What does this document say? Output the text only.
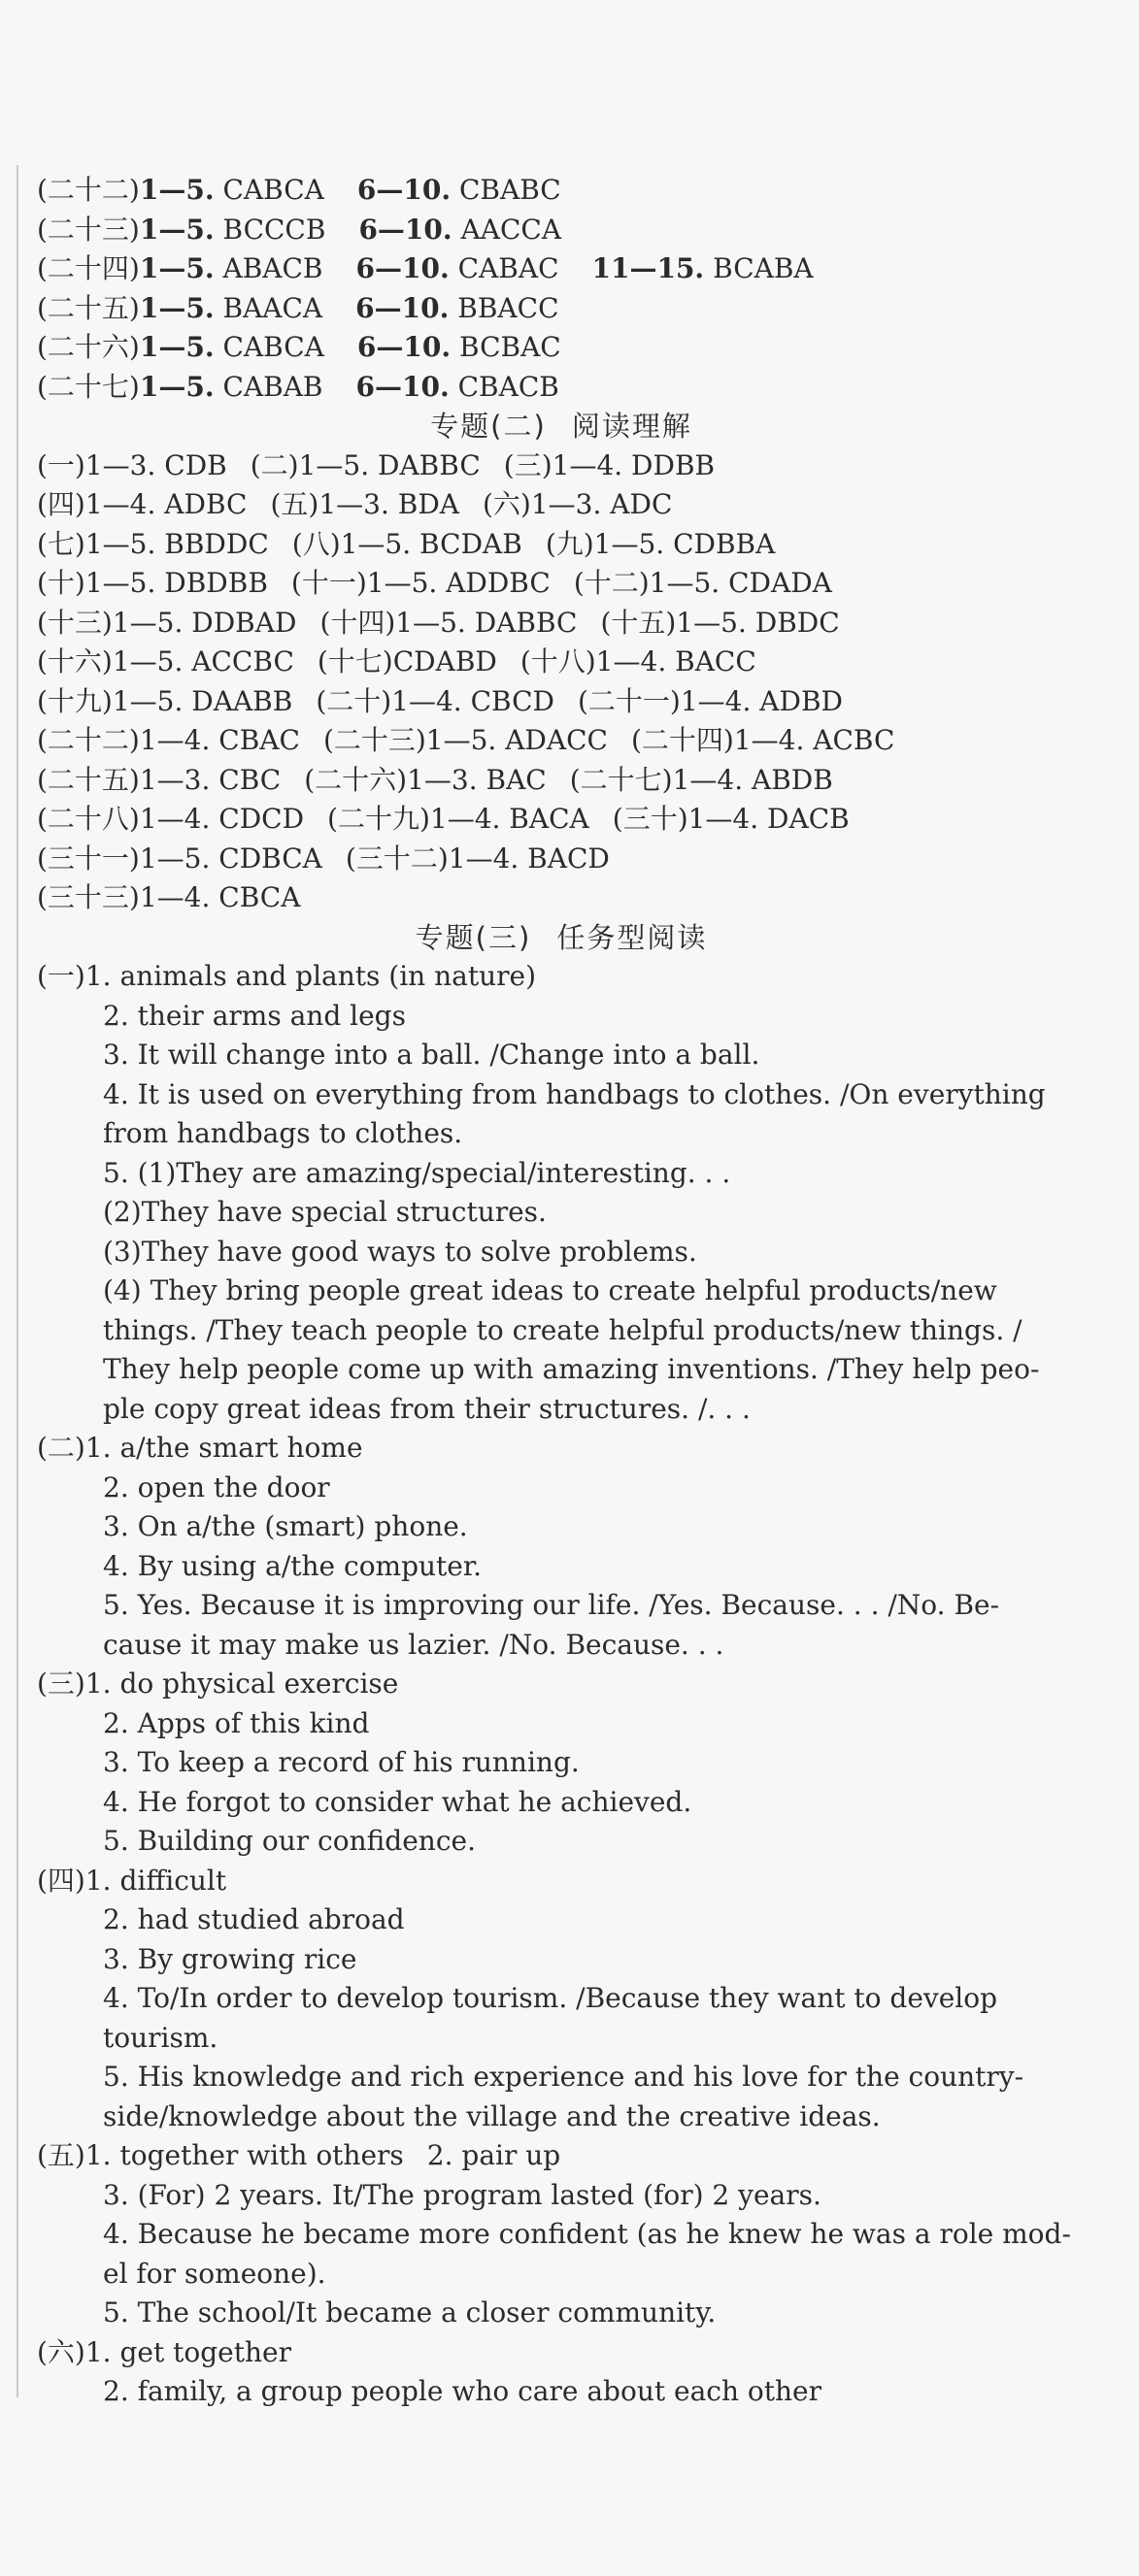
(二十二)1—5. CABCA 6—10. CBABC
(二十三)1—5. BCCCB 6—10. AACCA
(二十四)1—5. ABACB 6—10. CABAC 11—15. BCABA
(二十五)1—5. BAACA 6—10. BBACC
(二十六)1—5. CABCA 6—10. BCBAC
(二十七)1—5. CABAB 6—10. CBACB
专题(二) 阅读理解
(一)1—3. CDB (二)1—5. DABBC (三)1—4. DDBB
(四)1—4. ADBC (五)1—3. BDA (六)1—3. ADC
(七)1—5. BBDDC (八)1—5. BCDAB (九)1—5. CDBBA
(十)1—5. DBDBB (十一)1—5. ADDBC (十二)1—5. CDADA
(十三)1—5. DDBAD (十四)1—5. DABBC (十五)1—5. DBDC
(十六)1—5. ACCBC (十七)CDABD (十八)1—4. BACC
(十九)1—5. DAABB (二十)1—4. CBCD (二十一)1—4. ADBD
(二十二)1—4. CBAC (二十三)1—5. ADACC (二十四)1—4. ACBC
(二十五)1—3. CBC (二十六)1—3. BAC (二十七)1—4. ABDB
(二十八)1—4. CDCD (二十九)1—4. BACA (三十)1—4. DACB
(三十一)1—5. CDBCA (三十二)1—4. BACD
(三十三)1—4. CBCA
专题(三) 任务型阅读
(一)1. animals and plants (in nature)
2. their arms and legs
3. It will change into a ball. /Change into a ball.
4. It is used on everything from handbags to clothes. /On everything
from handbags to clothes.
5. (1)They are amazing/special/interesting. . .
(2)They have special structures.
(3)They have good ways to solve problems.
(4) They bring people great ideas to create helpful products/new
things. /They teach people to create helpful products/new things. /
They help people come up with amazing inventions. /They help peo-
ple copy great ideas from their structures. /. . .
(二)1. a/the smart home
2. open the door
3. On a/the (smart) phone.
4. By using a/the computer.
5. Yes. Because it is improving our life. /Yes. Because. . . /No. Be-
cause it may make us lazier. /No. Because. . .
(三)1. do physical exercise
2. Apps of this kind
3. To keep a record of his running.
4. He forgot to consider what he achieved.
5. Building our confidence.
(四)1. difficult
2. had studied abroad
3. By growing rice
4. To/In order to develop tourism. /Because they want to develop
tourism.
5. His knowledge and rich experience and his love for the country-
side/knowledge about the village and the creative ideas.
(五)1. together with others 2. pair up
3. (For) 2 years. It/The program lasted (for) 2 years.
4. Because he became more confident (as he knew he was a role mod-
el for someone).
5. The school/It became a closer community.
(六)1. get together
2. family, a group people who care about each other
